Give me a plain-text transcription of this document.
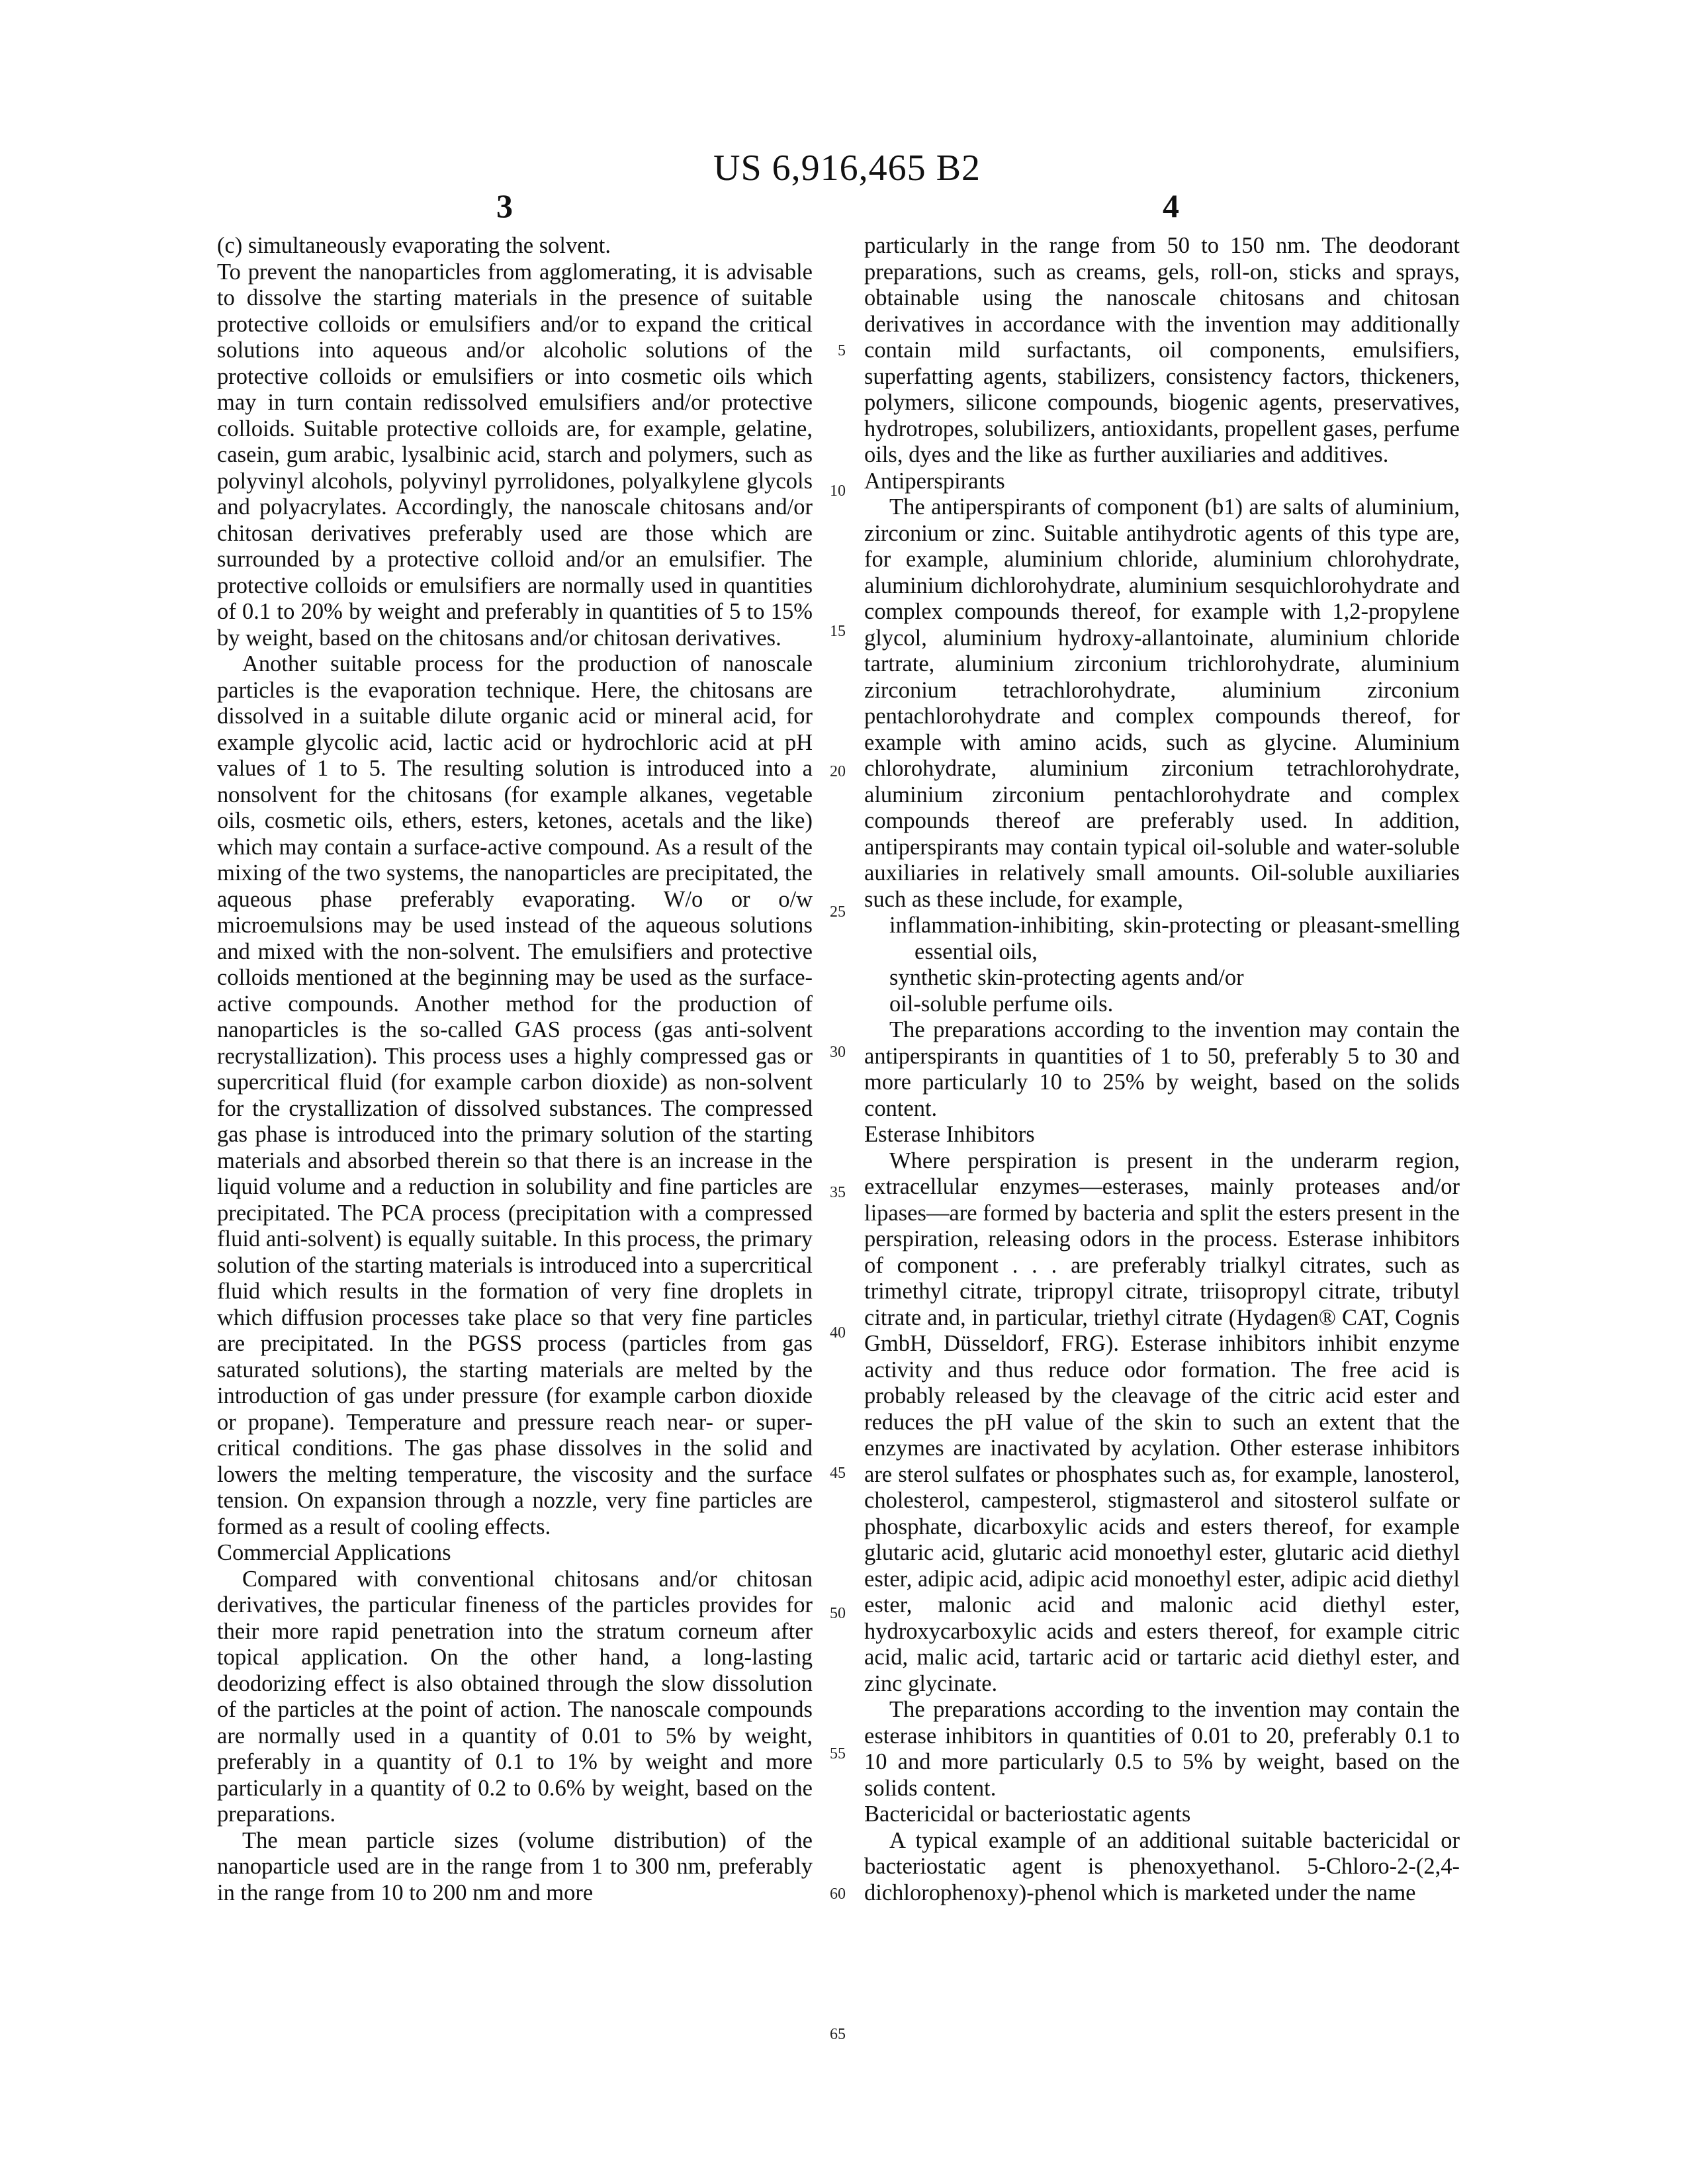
US 6,916,465 B2
3	4

(c) simultaneously evaporating the solvent.

To prevent the nanoparticles from agglomerating, it is advisable to dissolve the starting materials in the presence of suitable protective colloids or emulsifiers and/or to expand the critical solutions into aqueous and/or alcoholic solutions of the protective colloids or emulsifiers or into cosmetic oils which may in turn contain redissolved emulsifiers and/or protective colloids. Suitable protective colloids are, for example, gelatine, casein, gum arabic, lysalbinic acid, starch and polymers, such as polyvinyl alcohols, polyvinyl pyrrolidones, polyalkylene glycols and polyacrylates. Accordingly, the nanoscale chitosans and/or chitosan derivatives preferably used are those which are surrounded by a protective colloid and/or an emulsifier. The protective colloids or emulsifiers are normally used in quantities of 0.1 to 20% by weight and preferably in quantities of 5 to 15% by weight, based on the chitosans and/or chitosan derivatives.

Another suitable process for the production of nanoscale particles is the evaporation technique. Here, the chitosans are dissolved in a suitable dilute organic acid or mineral acid, for example glycolic acid, lactic acid or hydrochloric acid at pH values of 1 to 5. The resulting solution is introduced into a nonsolvent for the chitosans (for example alkanes, vegetable oils, cosmetic oils, ethers, esters, ketones, acetals and the like) which may contain a surface-active compound. As a result of the mixing of the two systems, the nanoparticles are precipitated, the aqueous phase preferably evaporating. W/o or o/w microemulsions may be used instead of the aqueous solutions and mixed with the non-solvent. The emulsifiers and protective colloids mentioned at the beginning may be used as the surface-active compounds. Another method for the production of nanoparticles is the so-called GAS process (gas anti-solvent recrystallization). This process uses a highly compressed gas or supercritical fluid (for example carbon dioxide) as non-solvent for the crystallization of dissolved substances. The compressed gas phase is introduced into the primary solution of the starting materials and absorbed therein so that there is an increase in the liquid volume and a reduction in solubility and fine particles are precipitated. The PCA process (precipitation with a compressed fluid anti-solvent) is equally suitable. In this process, the primary solution of the starting materials is introduced into a supercritical fluid which results in the formation of very fine droplets in which diffusion processes take place so that very fine particles are precipitated. In the PGSS process (particles from gas saturated solutions), the starting materials are melted by the introduction of gas under pressure (for example carbon dioxide or propane). Temperature and pressure reach near- or super-critical conditions. The gas phase dissolves in the solid and lowers the melting temperature, the viscosity and the surface tension. On expansion through a nozzle, very fine particles are formed as a result of cooling effects.

Commercial Applications

Compared with conventional chitosans and/or chitosan derivatives, the particular fineness of the particles provides for their more rapid penetration into the stratum corneum after topical application. On the other hand, a long-lasting deodorizing effect is also obtained through the slow dissolution of the particles at the point of action. The nanoscale compounds are normally used in a quantity of 0.01 to 5% by weight, preferably in a quantity of 0.1 to 1% by weight and more particularly in a quantity of 0.2 to 0.6% by weight, based on the preparations.

The mean particle sizes (volume distribution) of the nanoparticle used are in the range from 1 to 300 nm, preferably in the range from 10 to 200 nm and more

5
10
15
20
25
30
35
40
45
50
55
60
65

particularly in the range from 50 to 150 nm. The deodorant preparations, such as creams, gels, roll-on, sticks and sprays, obtainable using the nanoscale chitosans and chitosan derivatives in accordance with the invention may additionally contain mild surfactants, oil components, emulsifiers, superfatting agents, stabilizers, consistency factors, thickeners, polymers, silicone compounds, biogenic agents, preservatives, hydrotropes, solubilizers, antioxidants, propellent gases, perfume oils, dyes and the like as further auxiliaries and additives.

Antiperspirants

The antiperspirants of component (b1) are salts of aluminium, zirconium or zinc. Suitable antihydrotic agents of this type are, for example, aluminium chloride, aluminium chlorohydrate, aluminium dichlorohydrate, aluminium sesquichlorohydrate and complex compounds thereof, for example with 1,2-propylene glycol, aluminium hydroxy-allantoinate, aluminium chloride tartrate, aluminium zirconium trichlorohydrate, aluminium zirconium tetrachlorohydrate, aluminium zirconium pentachlorohydrate and complex compounds thereof, for example with amino acids, such as glycine. Aluminium chlorohydrate, aluminium zirconium tetrachlorohydrate, aluminium zirconium pentachlorohydrate and complex compounds thereof are preferably used. In addition, antiperspirants may contain typical oil-soluble and water-soluble auxiliaries in relatively small amounts. Oil-soluble auxiliaries such as these include, for example,

inflammation-inhibiting, skin-protecting or pleasant-smelling essential oils,

synthetic skin-protecting agents and/or

oil-soluble perfume oils.

The preparations according to the invention may contain the antiperspirants in quantities of 1 to 50, preferably 5 to 30 and more particularly 10 to 25% by weight, based on the solids content.

Esterase Inhibitors

Where perspiration is present in the underarm region, extracellular enzymes—esterases, mainly proteases and/or lipases—are formed by bacteria and split the esters present in the perspiration, releasing odors in the process. Esterase inhibitors of component . . . are preferably trialkyl citrates, such as trimethyl citrate, tripropyl citrate, triisopropyl citrate, tributyl citrate and, in particular, triethyl citrate (Hydagen® CAT, Cognis GmbH, Düsseldorf, FRG). Esterase inhibitors inhibit enzyme activity and thus reduce odor formation. The free acid is probably released by the cleavage of the citric acid ester and reduces the pH value of the skin to such an extent that the enzymes are inactivated by acylation. Other esterase inhibitors are sterol sulfates or phosphates such as, for example, lanosterol, cholesterol, campesterol, stigmasterol and sitosterol sulfate or phosphate, dicarboxylic acids and esters thereof, for example glutaric acid, glutaric acid monoethyl ester, glutaric acid diethyl ester, adipic acid, adipic acid monoethyl ester, adipic acid diethyl ester, malonic acid and malonic acid diethyl ester, hydroxycarboxylic acids and esters thereof, for example citric acid, malic acid, tartaric acid or tartaric acid diethyl ester, and zinc glycinate.

The preparations according to the invention may contain the esterase inhibitors in quantities of 0.01 to 20, preferably 0.1 to 10 and more particularly 0.5 to 5% by weight, based on the solids content.

Bactericidal or bacteriostatic agents

A typical example of an additional suitable bactericidal or bacteriostatic agent is phenoxyethanol. 5-Chloro-2-(2,4-dichlorophenoxy)-phenol which is marketed under the name
